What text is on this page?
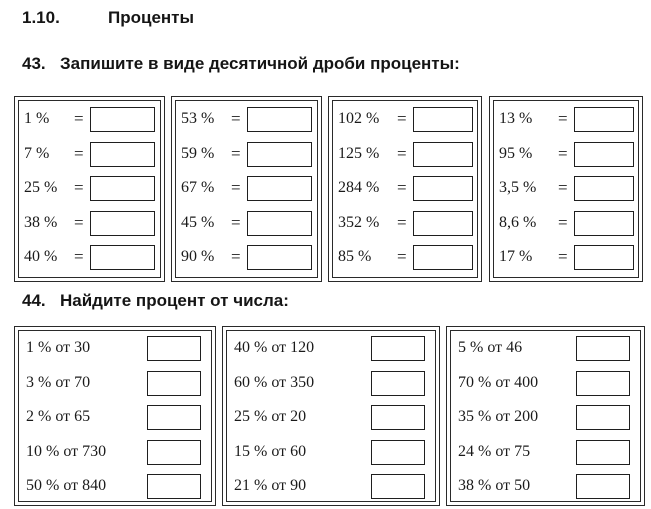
1.10.	Проценты
43. Запишите в виде десятичной дроби проценты:
1 % =
7 % =
25 % =
38 % =
40 % =
53 % =
59 % =
67 % =
45 % =
90 % =
102 % =
125 % =
284 % =
352 % =
85 % =
13 % =
95 % =
3,5 % =
8,6 % =
17 % =
44. Найдите процент от числа:
1 % от 30
3 % от 70
2 % от 65
10 % от 730
50 % от 840
40 % от 120
60 % от 350
25 % от 20
15 % от 60
21 % от 90
5 % от 46
70 % от 400
35 % от 200
24 % от 75
38 % от 50
